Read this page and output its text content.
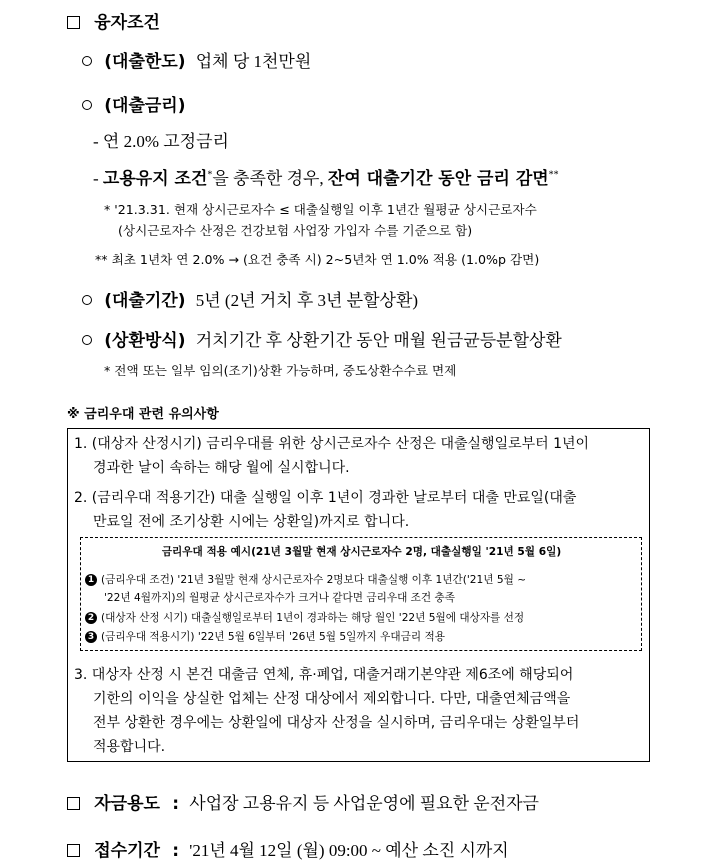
융자조건
(대출한도) 업체 당 1천만원
(대출금리)
- 연 2.0% 고정금리
- 고용유지 조건*을 충족한 경우, 잔여 대출기간 동안 금리 감면**
* '21.3.31. 현재 상시근로자수 ≤ 대출실행일 이후 1년간 월평균 상시근로자수
(상시근로자수 산정은 건강보험 사업장 가입자 수를 기준으로 함)
** 최초 1년차 연 2.0% → (요건 충족 시) 2~5년차 연 1.0% 적용 (1.0%p 감면)
(대출기간) 5년 (2년 거치 후 3년 분할상환)
(상환방식) 거치기간 후 상환기간 동안 매월 원금균등분할상환
* 전액 또는 일부 임의(조기)상환 가능하며, 중도상환수수료 면제
※ 금리우대 관련 유의사항
1. (대상자 산정시기) 금리우대를 위한 상시근로자수 산정은 대출실행일로부터 1년이
경과한 날이 속하는 해당 월에 실시합니다.
2. (금리우대 적용기간) 대출 실행일 이후 1년이 경과한 날로부터 대출 만료일(대출
만료일 전에 조기상환 시에는 상환일)까지로 합니다.
금리우대 적용 예시(21년 3월말 현재 상시근로자수 2명, 대출실행일 '21년 5월 6일)
1 (금리우대 조건) '21년 3월말 현재 상시근로자수 2명보다 대출실행 이후 1년간('21년 5월 ~
'22년 4월까지)의 월평균 상시근로자수가 크거나 같다면 금리우대 조건 충족
2 (대상자 산정 시기) 대출실행일로부터 1년이 경과하는 해당 월인 '22년 5월에 대상자를 선정
3 (금리우대 적용시기) '22년 5월 6일부터 '26년 5월 5일까지 우대금리 적용
3. 대상자 산정 시 본건 대출금 연체, 휴·폐업, 대출거래기본약관 제6조에 해당되어
기한의 이익을 상실한 업체는 산정 대상에서 제외합니다. 다만, 대출연체금액을
전부 상환한 경우에는 상환일에 대상자 산정을 실시하며, 금리우대는 상환일부터
적용합니다.
자금용도 : 사업장 고용유지 등 사업운영에 필요한 운전자금
접수기간 : '21년 4월 12일 (월) 09:00 ~ 예산 소진 시까지
